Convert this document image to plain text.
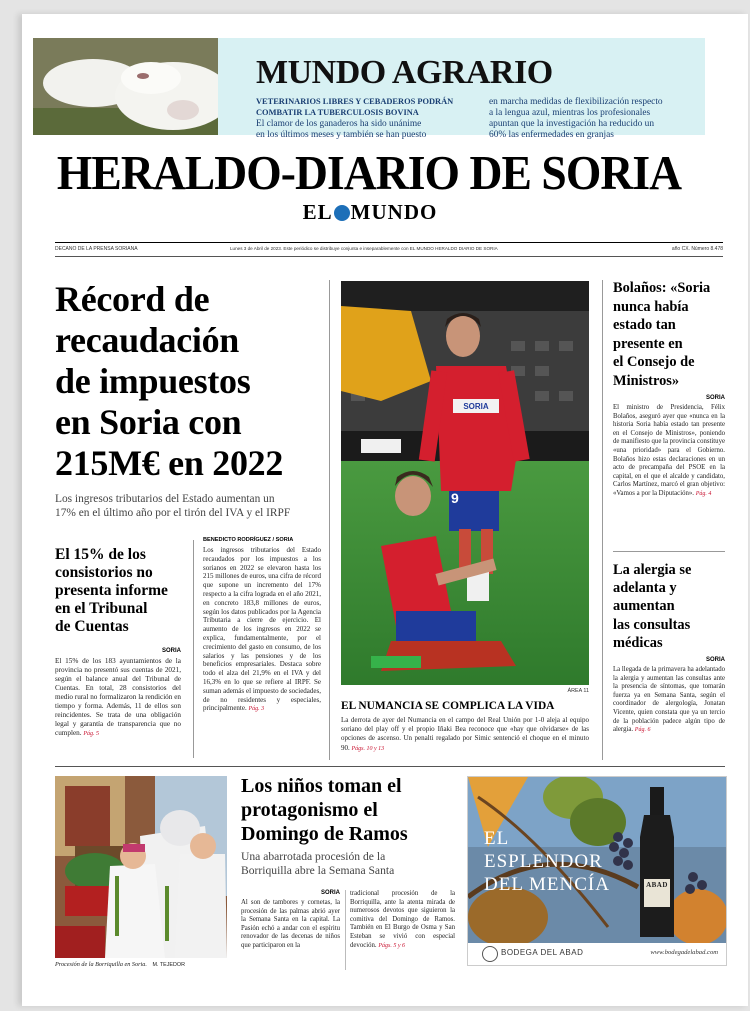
MUNDO AGRARIO
VETERINARIOS LIBRES Y CEBADEROS PODRÁN
COMBATIR LA TUBERCULOSIS BOVINA
El clamor de los ganaderos ha sido unánime
en los últimos meses y también se han puesto
en marcha medidas de flexibilización respecto
a la lengua azul, mientras los profesionales
apuntan que la investigación ha reducido un
60% las enfermedades en granjas
HERALDO-DIARIO DE SORIA
EL MUNDO
DECANO DE LA PRENSA SORIANA	Lunes 3 de Abril de 2023. Este periódico se distribuye conjunta e inseparablemente con EL MUNDO HERALDO DIARIO DE SORIA	año CX. Número 8.478
Récord de
recaudación
de impuestos
en Soria con
215M€ en 2022
Los ingresos tributarios del Estado aumentan un
17% en el último año por el tirón del IVA y el IRPF
El 15% de los
consistorios no
presenta informe
en el Tribunal
de Cuentas
SORIA
El 15% de los 183 ayuntamientos de la provincia no presentó sus cuentas de 2021, según el balance anual del Tribunal de Cuentas. En total, 28 consistorios del medio rural no formalizaron la rendición en tiempo y forma. Además, 11 de ellos son reincidentes. Se trata de una obligación legal y garantía de transparencia que no cumplen. Pág. 5
BENEDICTO RODRÍGUEZ / SORIA
Los ingresos tributarios del Estado recaudados por los impuestos a los sorianos en 2022 se elevaron hasta los 215 millones de euros, una cifra de récord que supone un incremento del 17% respecto a la cifra lograda en el año 2021, en concreto 183,8 millones de euros, según los datos publicados por la Agencia Tributaria a cierre de ejercicio. El aumento de los ingresos en 2022 se explica, fundamentalmente, por el crecimiento del gasto en consumo, de los salarios y las pensiones y de los beneficios empresariales. Destaca sobre todo el alza del 21,9% en el IVA y del 16,3% en lo que se refiere al IRPF. Se suman además el impuesto de sociedades, de no residentes y especiales, principalmente. Pág. 3
SORIA
9
ÁREA 11
EL NUMANCIA SE COMPLICA LA VIDA
La derrota de ayer del Numancia en el campo del Real Unión por 1-0 aleja al equipo soriano del play off y el propio Iñaki Bea reconoce que «hay que olvidarse» de las opciones de ascenso. Un penalti regalado por Simic sentenció el choque en el minuto 90. Págs. 10 y 13
Bolaños: «Soria
nunca había
estado tan
presente en
el Consejo de
Ministros»
SORIA
El ministro de Presidencia, Félix Bolaños, aseguró ayer que «nunca en la historia Soria había estado tan presente en el Consejo de Ministros», poniendo de manifiesto que la provincia constituye «una prioridad» para el Gobierno. Bolaños hizo estas declaraciones en un acto de precampaña del PSOE en la capital, en el que el alcalde y candidato, Carlos Martínez, marcó el gran objetivo: «Vamos a por la Diputación». Pág. 4
La alergia se
adelanta y
aumentan
las consultas
médicas
SORIA
La llegada de la primavera ha adelantado la alergia y aumentan las consultas ante la presencia de síntomas, que tomarán fuerza ya en Semana Santa, según el coordinador de alergología, Jonatan Vicente, quien constata que ya un tercio de la población padece algún tipo de alergia. Pág. 6
Procesión de la Borriquilla en Soria. M. TEJEDOR
Los niños toman el
protagonismo el
Domingo de Ramos
Una abarrotada procesión de la
Borriquilla abre la Semana Santa
SORIA
Al son de tambores y cornetas, la procesión de las palmas abrió ayer la Semana Santa en la capital. La Pasión echó a andar con el espíritu renovador de las decenas de niños que participaron en la
tradicional procesión de la Borriquilla, ante la atenta mirada de numerosos devotos que siguieron la comitiva del Domingo de Ramos. También en El Burgo de Osma y San Esteban se vivió con especial devoción. Págs. 5 y 6
ABAD
EL
ESPLENDOR
DEL MENCÍA
BODEGA DEL ABAD	www.bodegadelabad.com
